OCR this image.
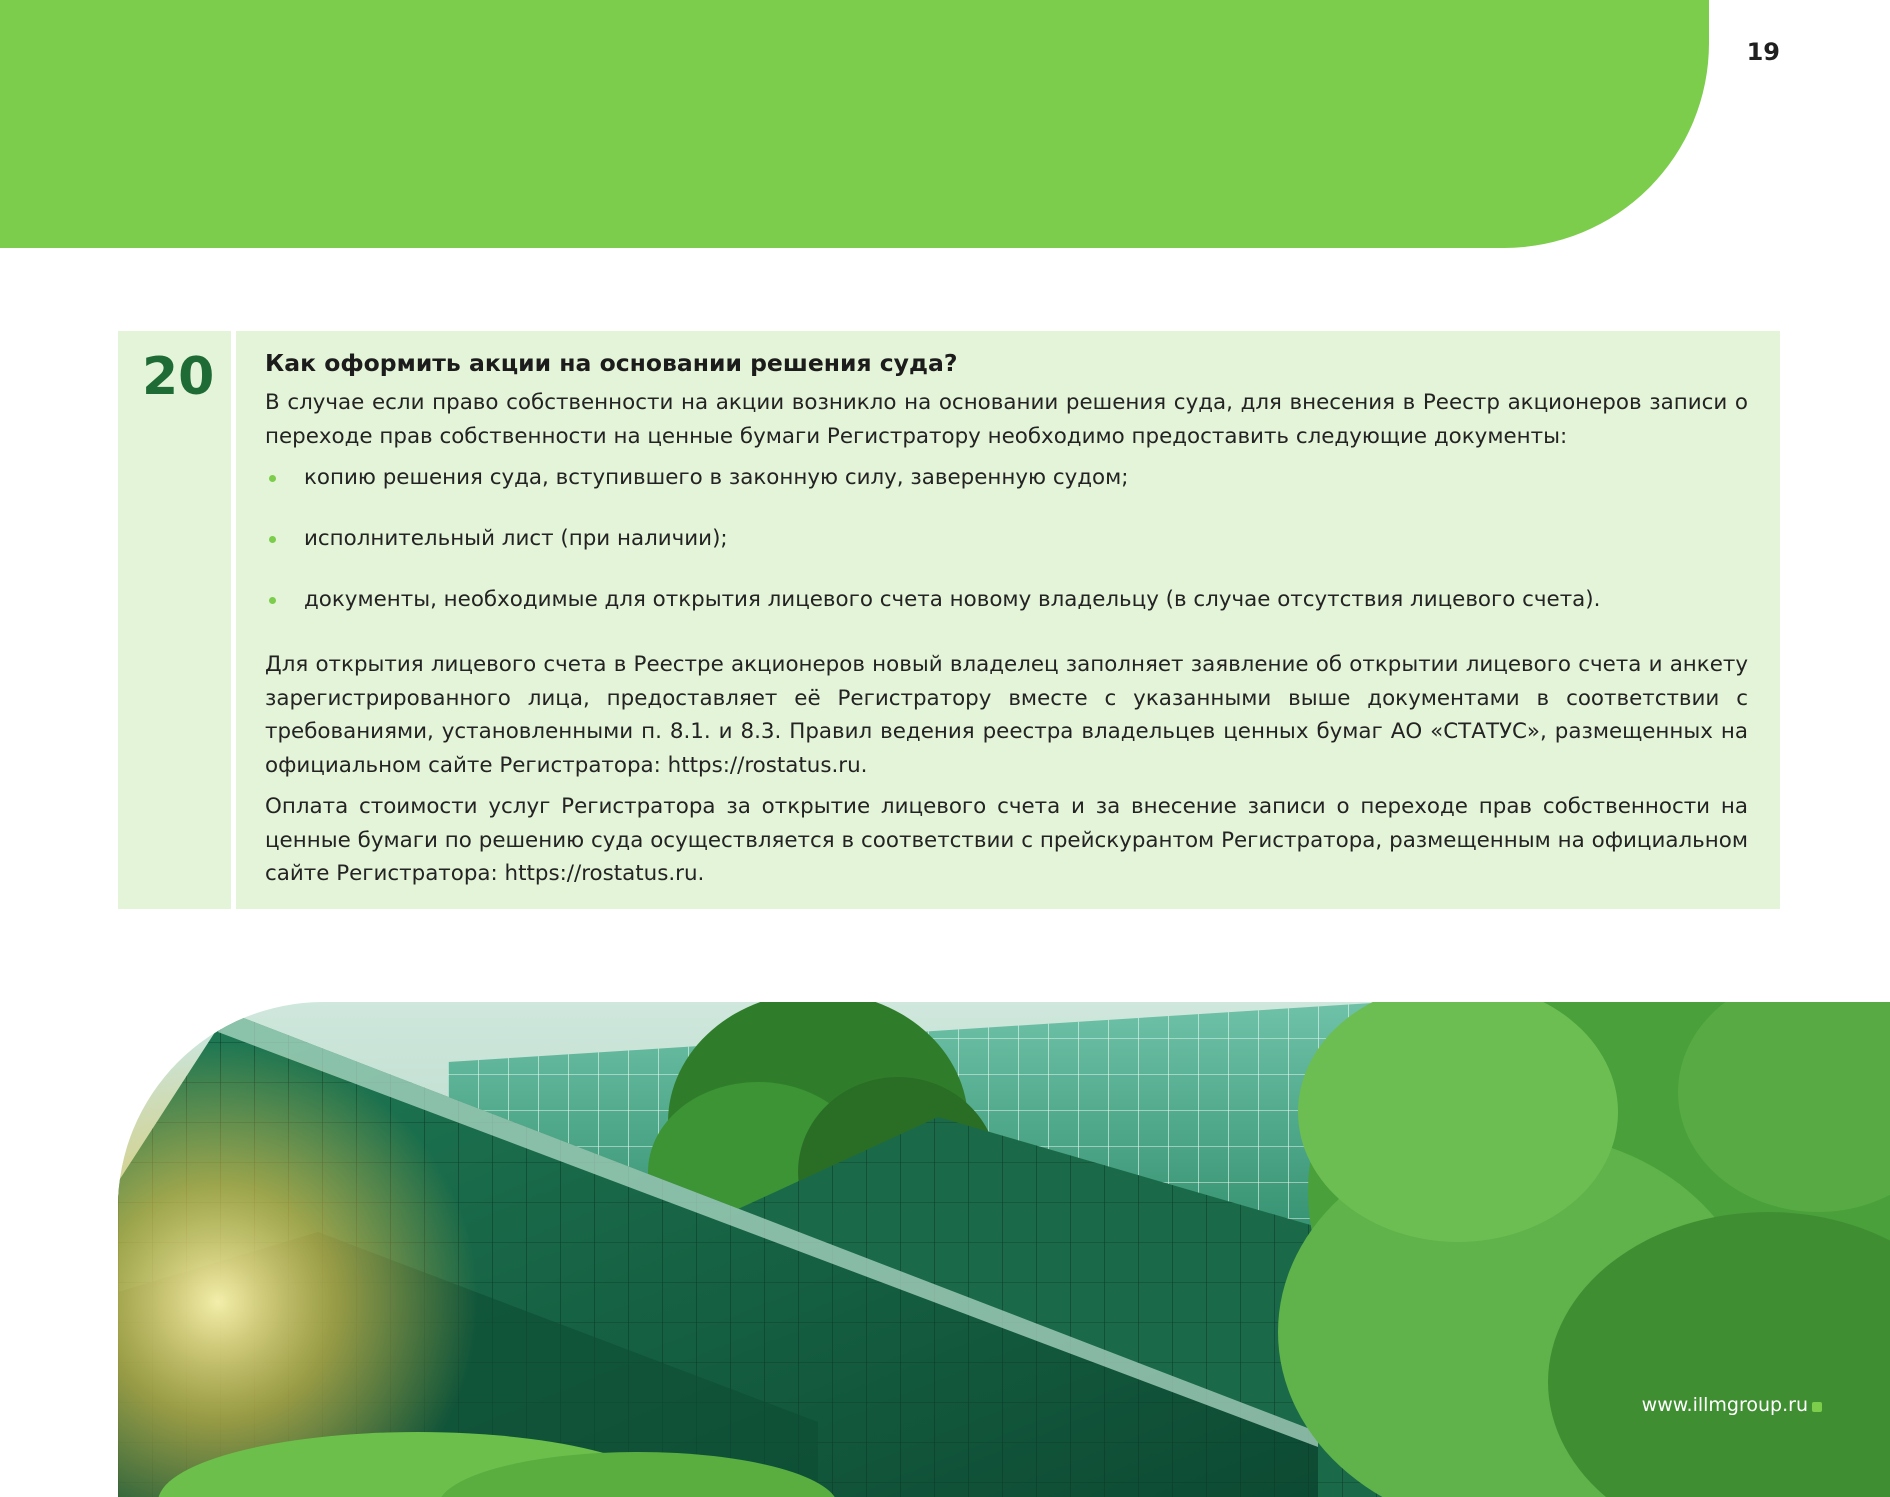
19
20 Как оформить акции на основании решения суда?

В случае если право собственности на акции возникло на основании решения суда, для внесения в Реестр акционеров записи о переходе прав собственности на ценные бумаги Регистратору необходимо предоставить следующие документы:

копию решения суда, вступившего в законную силу, заверенную судом;
исполнительный лист (при наличии);
документы, необходимые для открытия лицевого счета новому владельцу (в случае отсутствия лицевого счета).

Для открытия лицевого счета в Реестре акционеров новый владелец заполняет заявление об открытии лицевого счета и анкету зарегистрированного лица, предоставляет её Регистратору вместе с указанными выше документами в соответствии с требованиями, установленными п. 8.1. и 8.3. Правил ведения реестра владельцев ценных бумаг АО «СТАТУС», размещенных на официальном сайте Регистратора: https://rostatus.ru.

Оплата стоимости услуг Регистратора за открытие лицевого счета и за внесение записи о переходе прав собственности на ценные бумаги по решению суда осуществляется в соответствии с прейскурантом Регистратора, размещенным на официальном сайте Регистратора: https://rostatus.ru.

www.illmgroup.ru
